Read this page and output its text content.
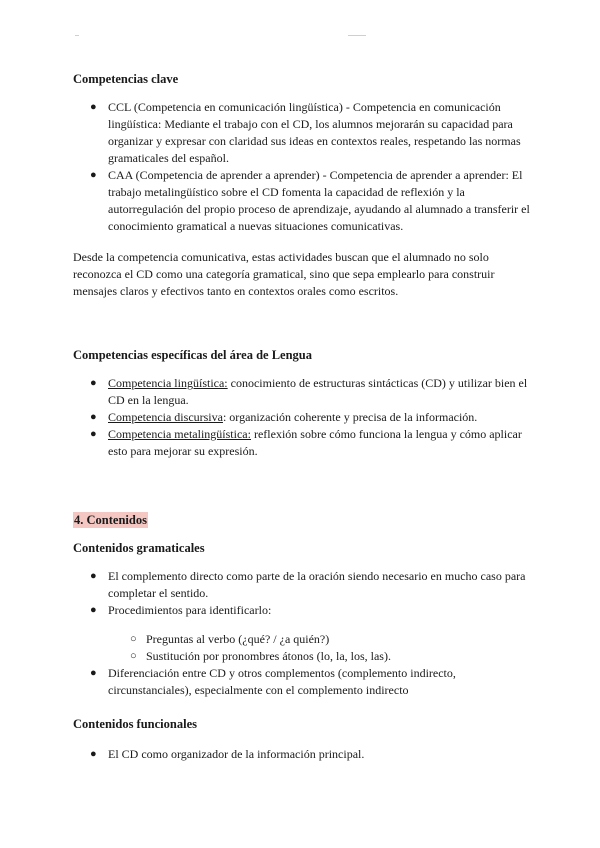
Competencias clave
● CCL (Competencia en comunicación lingüística) - Competencia en comunicación lingüística: Mediante el trabajo con el CD, los alumnos mejorarán su capacidad para organizar y expresar con claridad sus ideas en contextos reales, respetando las normas gramaticales del español.
● CAA (Competencia de aprender a aprender) - Competencia de aprender a aprender: El trabajo metalingüístico sobre el CD fomenta la capacidad de reflexión y la autorregulación del propio proceso de aprendizaje, ayudando al alumnado a transferir el conocimiento gramatical a nuevas situaciones comunicativas.

Desde la competencia comunicativa, estas actividades buscan que el alumnado no solo reconozca el CD como una categoría gramatical, sino que sepa emplearlo para construir mensajes claros y efectivos tanto en contextos orales como escritos.

Competencias específicas del área de Lengua
● Competencia lingüística: conocimiento de estructuras sintácticas (CD) y utilizar bien el CD en la lengua.
● Competencia discursiva: organización coherente y precisa de la información.
● Competencia metalingüística: reflexión sobre cómo funciona la lengua y cómo aplicar esto para mejorar su expresión.
4. Contenidos
Contenidos gramaticales
● El complemento directo como parte de la oración siendo necesario en mucho caso para completar el sentido.
● Procedimientos para identificarlo:
○ Preguntas al verbo (¿qué? / ¿a quién?)
○ Sustitución por pronombres átonos (lo, la, los, las).
● Diferenciación entre CD y otros complementos (complemento indirecto, circunstanciales), especialmente con el complemento indirecto
Contenidos funcionales
● El CD como organizador de la información principal.
